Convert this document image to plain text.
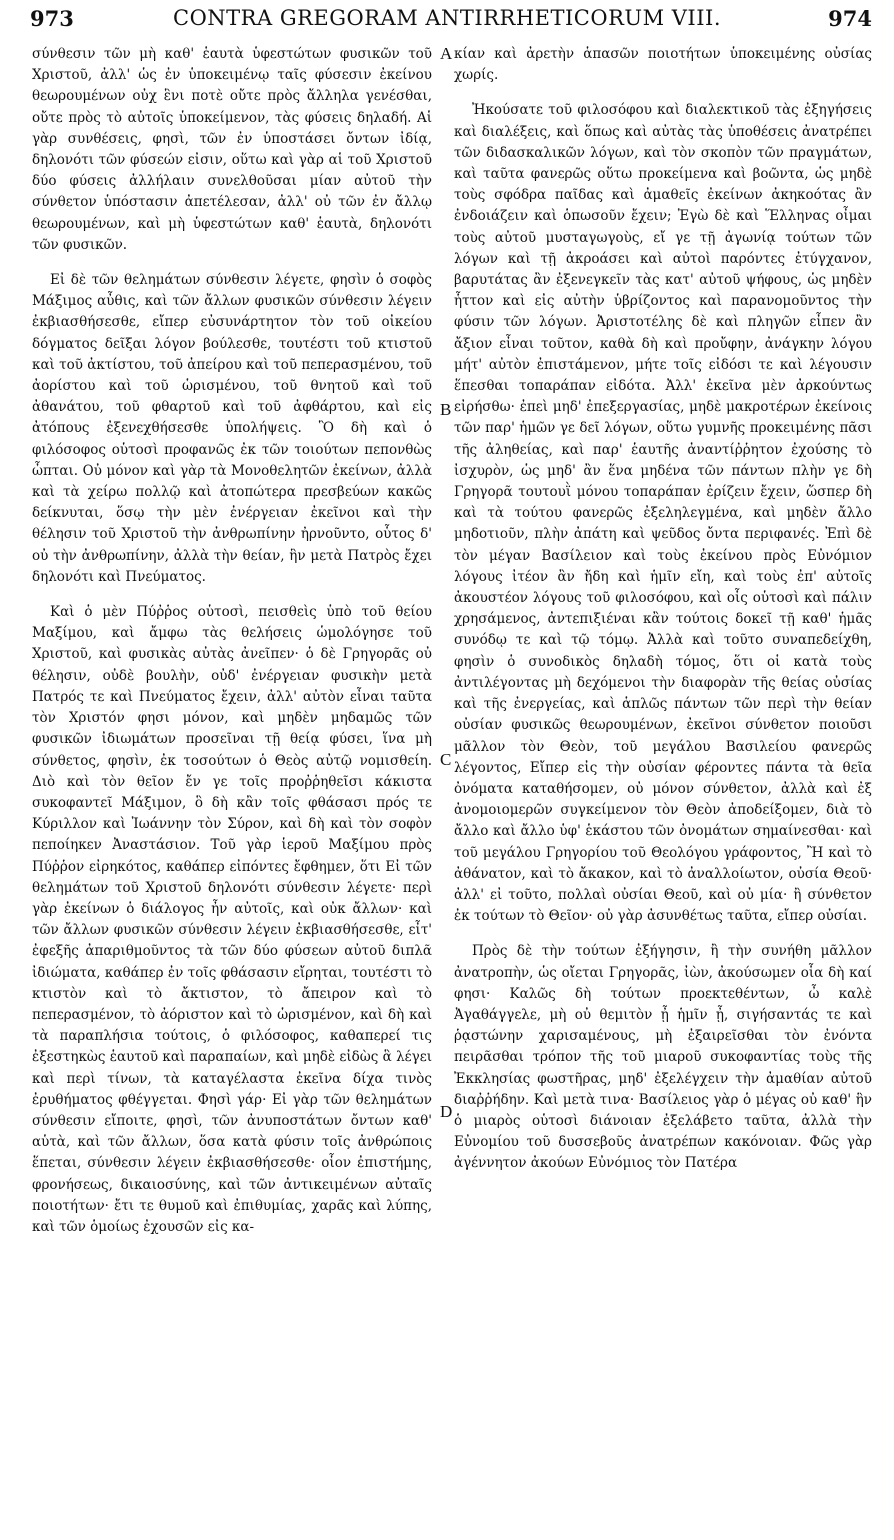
973	CONTRA GREGORAM ANTIRRHETICORUM VIII.	974

σύνθεσιν τῶν μὴ καθ' ἑαυτὰ ὑφεστώτων φυσικῶν τοῦ Χριστοῦ, ἀλλ' ὡς ἐν ὑποκειμένῳ ταῖς φύσεσιν ἐκείνου θεωρουμένων οὐχ ἓνι ποτὲ οὔτε πρὸς ἄλληλα γενέσθαι, οὔτε πρὸς τὸ αὐτοῖς ὑποκείμενον, τὰς φύσεις δηλαδή. Αἱ γὰρ συνθέσεις, φησὶ, τῶν ἐν ὑποστάσει ὄντων ἰδίᾳ, δηλονότι τῶν φύσεών εἰσιν, οὕτω καὶ γὰρ αἱ τοῦ Χριστοῦ δύο φύσεις ἀλλήλαιν συνελθοῦσαι μίαν αὐτοῦ τὴν σύνθετον ὑπόστασιν ἀπετέλεσαν, ἀλλ' οὐ τῶν ἐν ἄλλῳ θεωρουμένων, καὶ μὴ ὑφεστώτων καθ' ἑαυτὰ, δηλονότι τῶν φυσικῶν.

Εἰ δὲ τῶν θελημάτων σύνθεσιν λέγετε, φησὶν ὁ σοφὸς Μάξιμος αὖθις, καὶ τῶν ἄλλων φυσικῶν σύνθεσιν λέγειν ἐκβιασθήσεσθε, εἴπερ εὐσυνάρτητον τὸν τοῦ οἰκείου δόγματος δεῖξαι λόγον βούλεσθε, τουτέστι τοῦ κτιστοῦ καὶ τοῦ ἀκτίστου, τοῦ ἀπείρου καὶ τοῦ πεπερασμένου, τοῦ ἀορίστου καὶ τοῦ ὡρισμένου, τοῦ θνητοῦ καὶ τοῦ ἀθανάτου, τοῦ φθαρτοῦ καὶ τοῦ ἀφθάρτου, καὶ εἰς ἀτόπους ἐξενεχθήσεσθε ὑπολήψεις. Ὃ δὴ καὶ ὁ φιλόσοφος οὑτοσὶ προφανῶς ἐκ τῶν τοιούτων πεπονθὼς ὦπται. Οὐ μόνον καὶ γὰρ τὰ Μονοθελητῶν ἐκείνων, ἀλλὰ καὶ τὰ χείρω πολλῷ καὶ ἀτοπώτερα πρεσβεύων κακῶς δείκνυται, ὅσῳ τὴν μὲν ἐνέργειαν ἐκεῖνοι καὶ τὴν θέλησιν τοῦ Χριστοῦ τὴν ἀνθρωπίνην ἠρνοῦντο, οὗτος δ' οὐ τὴν ἀνθρωπίνην, ἀλλὰ τὴν θείαν, ἣν μετὰ Πατρὸς ἔχει δηλονότι καὶ Πνεύματος.

Καὶ ὁ μὲν Πύῤῥος οὑτοσὶ, πεισθεὶς ὑπὸ τοῦ θείου Μαξίμου, καὶ ἄμφω τὰς θελήσεις ὡμολόγησε τοῦ Χριστοῦ, καὶ φυσικὰς αὐτὰς ἀνεῖπεν· ὁ δὲ Γρηγορᾶς οὐ θέλησιν, οὐδὲ βουλὴν, οὐδ' ἐνέργειαν φυσικὴν μετὰ Πατρός τε καὶ Πνεύματος ἔχειν, ἀλλ' αὐτὸν εἶναι ταῦτα τὸν Χριστόν φησι μόνον, καὶ μηδὲν μηδαμῶς τῶν φυσικῶν ἰδιωμάτων προσεῖναι τῇ θείᾳ φύσει, ἵνα μὴ σύνθετος, φησὶν, ἐκ τοσούτων ὁ Θεὸς αὐτῷ νομισθείη. Διὸ καὶ τὸν θεῖον ἔν γε τοῖς προῤῥηθεῖσι κάκιστα συκοφαντεῖ Μάξιμον, ὃ δὴ κἂν τοῖς φθάσασι πρός τε Κύριλλον καὶ Ἰωάννην τὸν Σύρον, καὶ δὴ καὶ τὸν σοφὸν πεποίηκεν Ἀναστάσιον. Τοῦ γὰρ ἱεροῦ Μαξίμου πρὸς Πύῤῥον εἰρηκότος, καθάπερ εἰπόντες ἔφθημεν, ὅτι Εἰ τῶν θελημάτων τοῦ Χριστοῦ δηλονότι σύνθεσιν λέγετε· περὶ γὰρ ἐκείνων ὁ διάλογος ἦν αὐτοῖς, καὶ οὐκ ἄλλων· καὶ τῶν ἄλλων φυσικῶν σύνθεσιν λέγειν ἐκβιασθήσεσθε, εἶτ' ἐφεξῆς ἀπαριθμοῦντος τὰ τῶν δύο φύσεων αὐτοῦ διπλᾶ ἰδιώματα, καθάπερ ἐν τοῖς φθάσασιν εἴρηται, τουτέστι τὸ κτιστὸν καὶ τὸ ἄκτιστον, τὸ ἄπειρον καὶ τὸ πεπερασμένον, τὸ ἀόριστον καὶ τὸ ὡρισμένον, καὶ δὴ καὶ τὰ παραπλήσια τούτοις, ὁ φιλόσοφος, καθαπερεί τις ἐξεστηκὼς ἑαυτοῦ καὶ παραπαίων, καὶ μηδὲ εἰδὼς ἃ λέγει καὶ περὶ τίνων, τὰ καταγέλαστα ἐκεῖνα δίχα τινὸς ἐρυθήματος φθέγγεται. Φησὶ γάρ· Εἰ γὰρ τῶν θελημάτων σύνθεσιν εἴποιτε, φησὶ, τῶν ἀνυποστάτων ὄντων καθ' αὑτὰ, καὶ τῶν ἄλλων, ὅσα κατὰ φύσιν τοῖς ἀνθρώποις ἕπεται, σύνθεσιν λέγειν ἐκβιασθήσεσθε· οἷον ἐπιστήμης, φρονήσεως, δικαιοσύνης, καὶ τῶν ἀντικειμένων αὐταῖς ποιοτήτων· ἔτι τε θυμοῦ καὶ ἐπιθυμίας, χαρᾶς καὶ λύπης, καὶ τῶν ὁμοίως ἐχουσῶν εἰς κα-

A
B
C
D

κίαν καὶ ἀρετὴν ἁπασῶν ποιοτήτων ὑποκειμένης οὐσίας χωρίς.

Ἠκούσατε τοῦ φιλοσόφου καὶ διαλεκτικοῦ τὰς ἐξηγήσεις καὶ διαλέξεις, καὶ ὅπως καὶ αὐτὰς τὰς ὑποθέσεις ἀνατρέπει τῶν διδασκαλικῶν λόγων, καὶ τὸν σκοπὸν τῶν πραγμάτων, καὶ ταῦτα φανερῶς οὕτω προκείμενα καὶ βοῶντα, ὡς μηδὲ τοὺς σφόδρα παῖδας καὶ ἀμαθεῖς ἐκείνων ἀκηκοότας ἂν ἐνδοιάζειν καὶ ὁπωσοῦν ἔχειν; Ἐγὼ δὲ καὶ Ἕλληνας οἶμαι τοὺς αὐτοῦ μυσταγωγοὺς, εἴ γε τῇ ἀγωνίᾳ τούτων τῶν λόγων καὶ τῇ ἀκροάσει καὶ αὐτοὶ παρόντες ἐτύγχανον, βαρυτάτας ἂν ἐξενεγκεῖν τὰς κατ' αὐτοῦ ψήφους, ὡς μηδὲν ἧττον καὶ εἰς αὐτὴν ὑβρίζοντος καὶ παρανομοῦντος τὴν φύσιν τῶν λόγων. Ἀριστοτέλης δὲ καὶ πληγῶν εἶπεν ἂν ἄξιον εἶναι τοῦτον, καθὰ δὴ καὶ προὔφην, ἀνάγκην λόγου μήτ' αὐτὸν ἐπιστάμενον, μήτε τοῖς εἰδόσι τε καὶ λέγουσιν ἕπεσθαι τοπαράπαν εἰδότα. Ἀλλ' ἐκεῖνα μὲν ἀρκούντως εἰρήσθω· ἐπεὶ μηδ' ἐπεξεργασίας, μηδὲ μακροτέρων ἐκείνοις τῶν παρ' ἡμῶν γε δεῖ λόγων, οὕτω γυμνῆς προκειμένης πᾶσι τῆς ἀληθείας, καὶ παρ' ἑαυτῆς ἀναντίῤῥητον ἐχούσης τὸ ἰσχυρὸν, ὡς μηδ' ἂν ἕνα μηδένα τῶν πάντων πλὴν γε δὴ Γρηγορᾶ τουτουῒ μόνου τοπαράπαν ἐρίζειν ἔχειν, ὥσπερ δὴ καὶ τὰ τούτου φανερῶς ἐξεληλεγμένα, καὶ μηδὲν ἄλλο μηδοτιοῦν, πλὴν ἀπάτη καὶ ψεῦδος ὄντα περιφανές. Ἐπὶ δὲ τὸν μέγαν Βασίλειον καὶ τοὺς ἐκείνου πρὸς Εὐνόμιον λόγους ἰτέον ἂν ἤδη καὶ ἡμῖν εἴη, καὶ τοὺς ἐπ' αὐτοῖς ἀκουστέον λόγους τοῦ φιλοσόφου, καὶ οἷς οὑτοσὶ καὶ πάλιν χρησάμενος, ἀντεπιξιέναι κἂν τούτοις δοκεῖ τῇ καθ' ἡμᾶς συνόδῳ τε καὶ τῷ τόμῳ. Ἀλλὰ καὶ τοῦτο συναπεδείχθη, φησὶν ὁ συνοδικὸς δηλαδὴ τόμος, ὅτι οἱ κατὰ τοὺς ἀντιλέγοντας μὴ δεχόμενοι τὴν διαφορὰν τῆς θείας οὐσίας καὶ τῆς ἐνεργείας, καὶ ἁπλῶς πάντων τῶν περὶ τὴν θείαν οὐσίαν φυσικῶς θεωρουμένων, ἐκεῖνοι σύνθετον ποιοῦσι μᾶλλον τὸν Θεὸν, τοῦ μεγάλου Βασιλείου φανερῶς λέγοντος, Εἴπερ εἰς τὴν οὐσίαν φέροντες πάντα τὰ θεῖα ὀνόματα καταθήσομεν, οὐ μόνον σύνθετον, ἀλλὰ καὶ ἐξ ἀνομοιομερῶν συγκείμενον τὸν Θεὸν ἀποδείξομεν, διὰ τὸ ἄλλο καὶ ἄλλο ὑφ' ἑκάστου τῶν ὀνομάτων σημαίνεσθαι· καὶ τοῦ μεγάλου Γρηγορίου τοῦ Θεολόγου γράφοντος, Ἢ καὶ τὸ ἀθάνατον, καὶ τὸ ἄκακον, καὶ τὸ ἀναλλοίωτον, οὐσία Θεοῦ· ἀλλ' εἰ τοῦτο, πολλαὶ οὐσίαι Θεοῦ, καὶ οὐ μία· ἢ σύνθετον ἐκ τούτων τὸ Θεῖον· οὐ γὰρ ἀσυνθέτως ταῦτα, εἴπερ οὐσίαι.

Πρὸς δὲ τὴν τούτων ἐξήγησιν, ἢ τὴν συνήθη μᾶλλον ἀνατροπὴν, ὡς οἴεται Γρηγορᾶς, ἰὼν, ἀκούσωμεν οἷα δὴ καί φησι· Καλῶς δὴ τούτων προεκτεθέντων, ὦ καλὲ Ἀγαθάγγελε, μὴ οὐ θεμιτὸν ᾖ ἡμῖν ᾖ, σιγήσαντάς τε καὶ ῥᾳστώνην χαρισαμένους, μὴ ἐξαιρεῖσθαι τὸν ἐνόντα πειρᾶσθαι τρόπον τῆς τοῦ μιαροῦ συκοφαντίας τοὺς τῆς Ἐκκλησίας φωστῆρας, μηδ' ἐξελέγχειν τὴν ἀμαθίαν αὐτοῦ διαῤῥήδην. Καὶ μετὰ τινα· Βασίλειος γὰρ ὁ μέγας οὐ καθ' ἣν ὁ μιαρὸς οὑτοσὶ διάνοιαν ἐξελάβετο ταῦτα, ἀλλὰ τὴν Εὐνομίου τοῦ δυσσεβοῦς ἀνατρέπων κακόνοιαν. Φῶς γὰρ ἀγέννητον ἀκούων Εὐνόμιος τὸν Πατέρα
